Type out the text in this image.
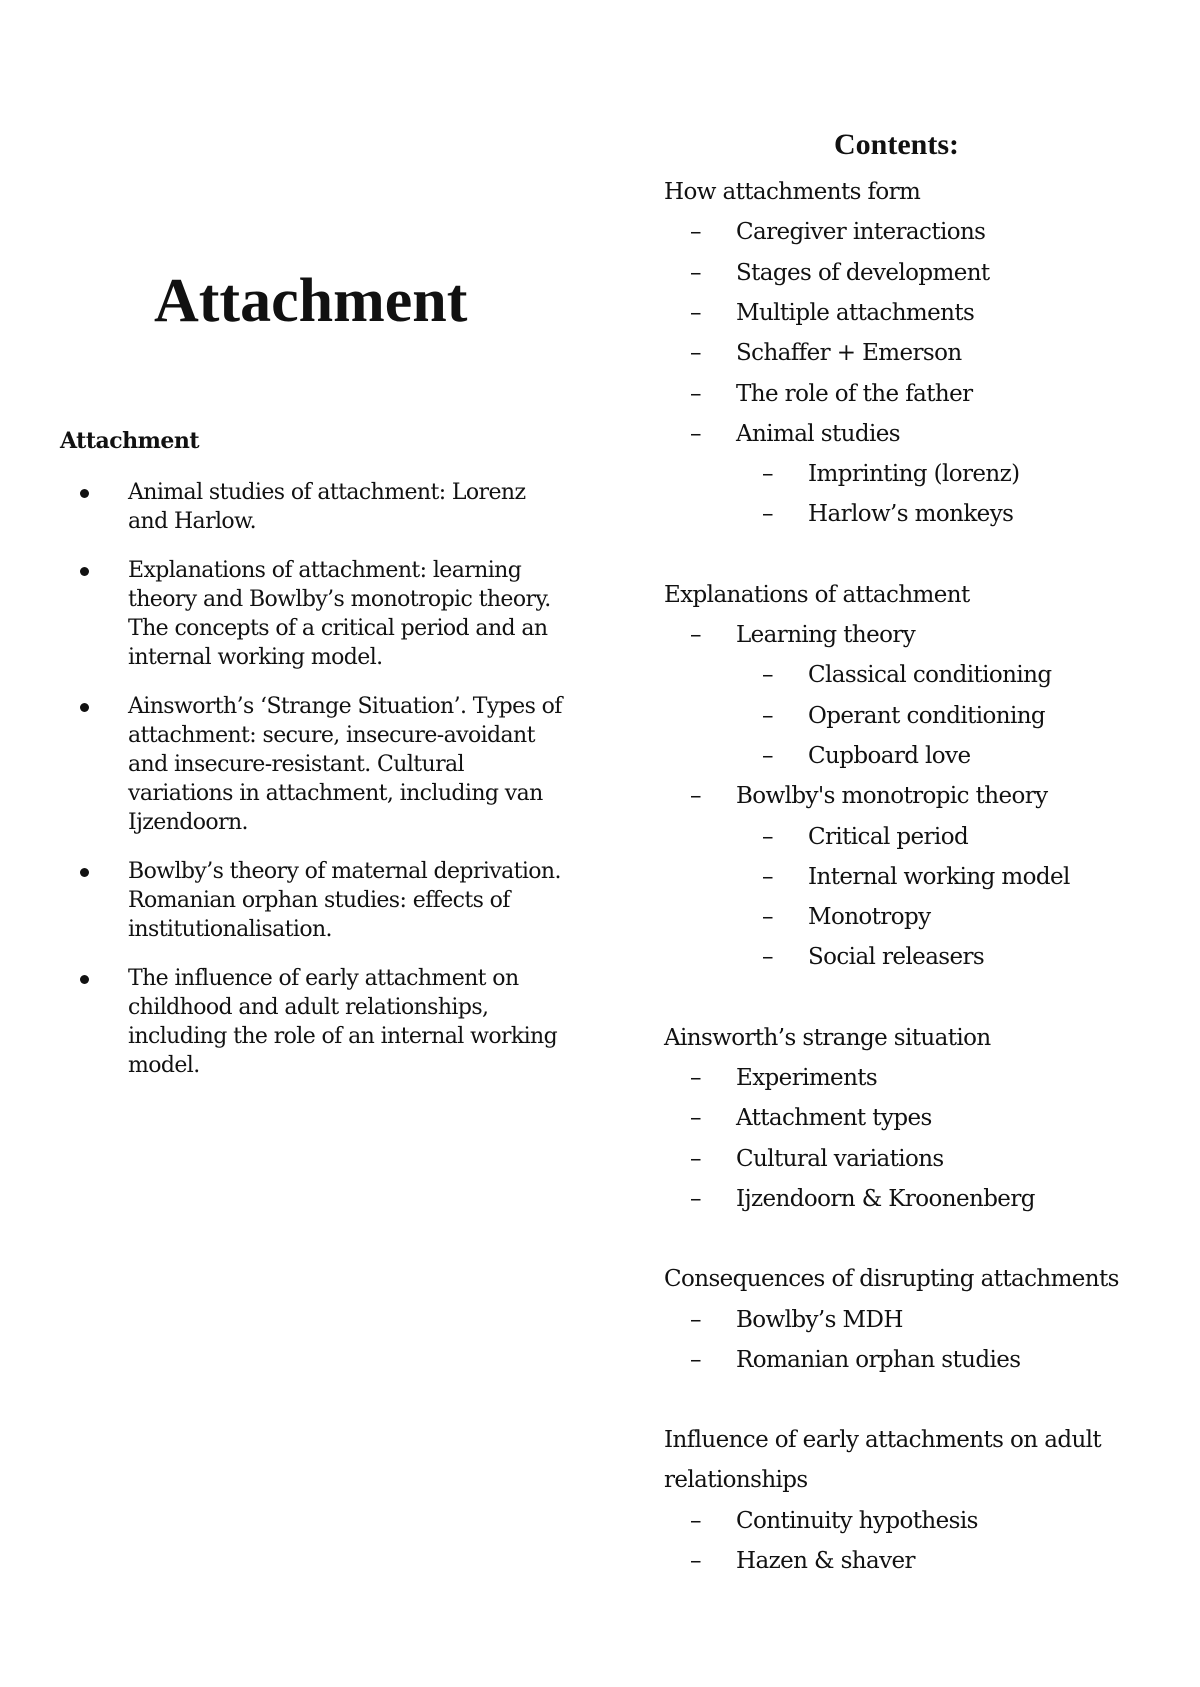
Attachment
Attachment
Animal studies of attachment: Lorenz
and Harlow.
Explanations of attachment: learning
theory and Bowlby’s monotropic theory.
The concepts of a critical period and an
internal working model.
Ainsworth’s ‘Strange Situation’. Types of
attachment: secure, insecure-avoidant
and insecure-resistant. Cultural
variations in attachment, including van
Ijzendoorn.
Bowlby’s theory of maternal deprivation.
Romanian orphan studies: effects of
institutionalisation.
The influence of early attachment on
childhood and adult relationships,
including the role of an internal working
model.
Contents:
How attachments form
– Caregiver interactions
– Stages of development
– Multiple attachments
– Schaffer + Emerson
– The role of the father
– Animal studies
– Imprinting (lorenz)
– Harlow’s monkeys
Explanations of attachment
– Learning theory
– Classical conditioning
– Operant conditioning
– Cupboard love
– Bowlby's monotropic theory
– Critical period
– Internal working model
– Monotropy
– Social releasers
Ainsworth’s strange situation
– Experiments
– Attachment types
– Cultural variations
– Ijzendoorn & Kroonenberg
Consequences of disrupting attachments
– Bowlby’s MDH
– Romanian orphan studies
Influence of early attachments on adult
relationships
– Continuity hypothesis
– Hazen & shaver
